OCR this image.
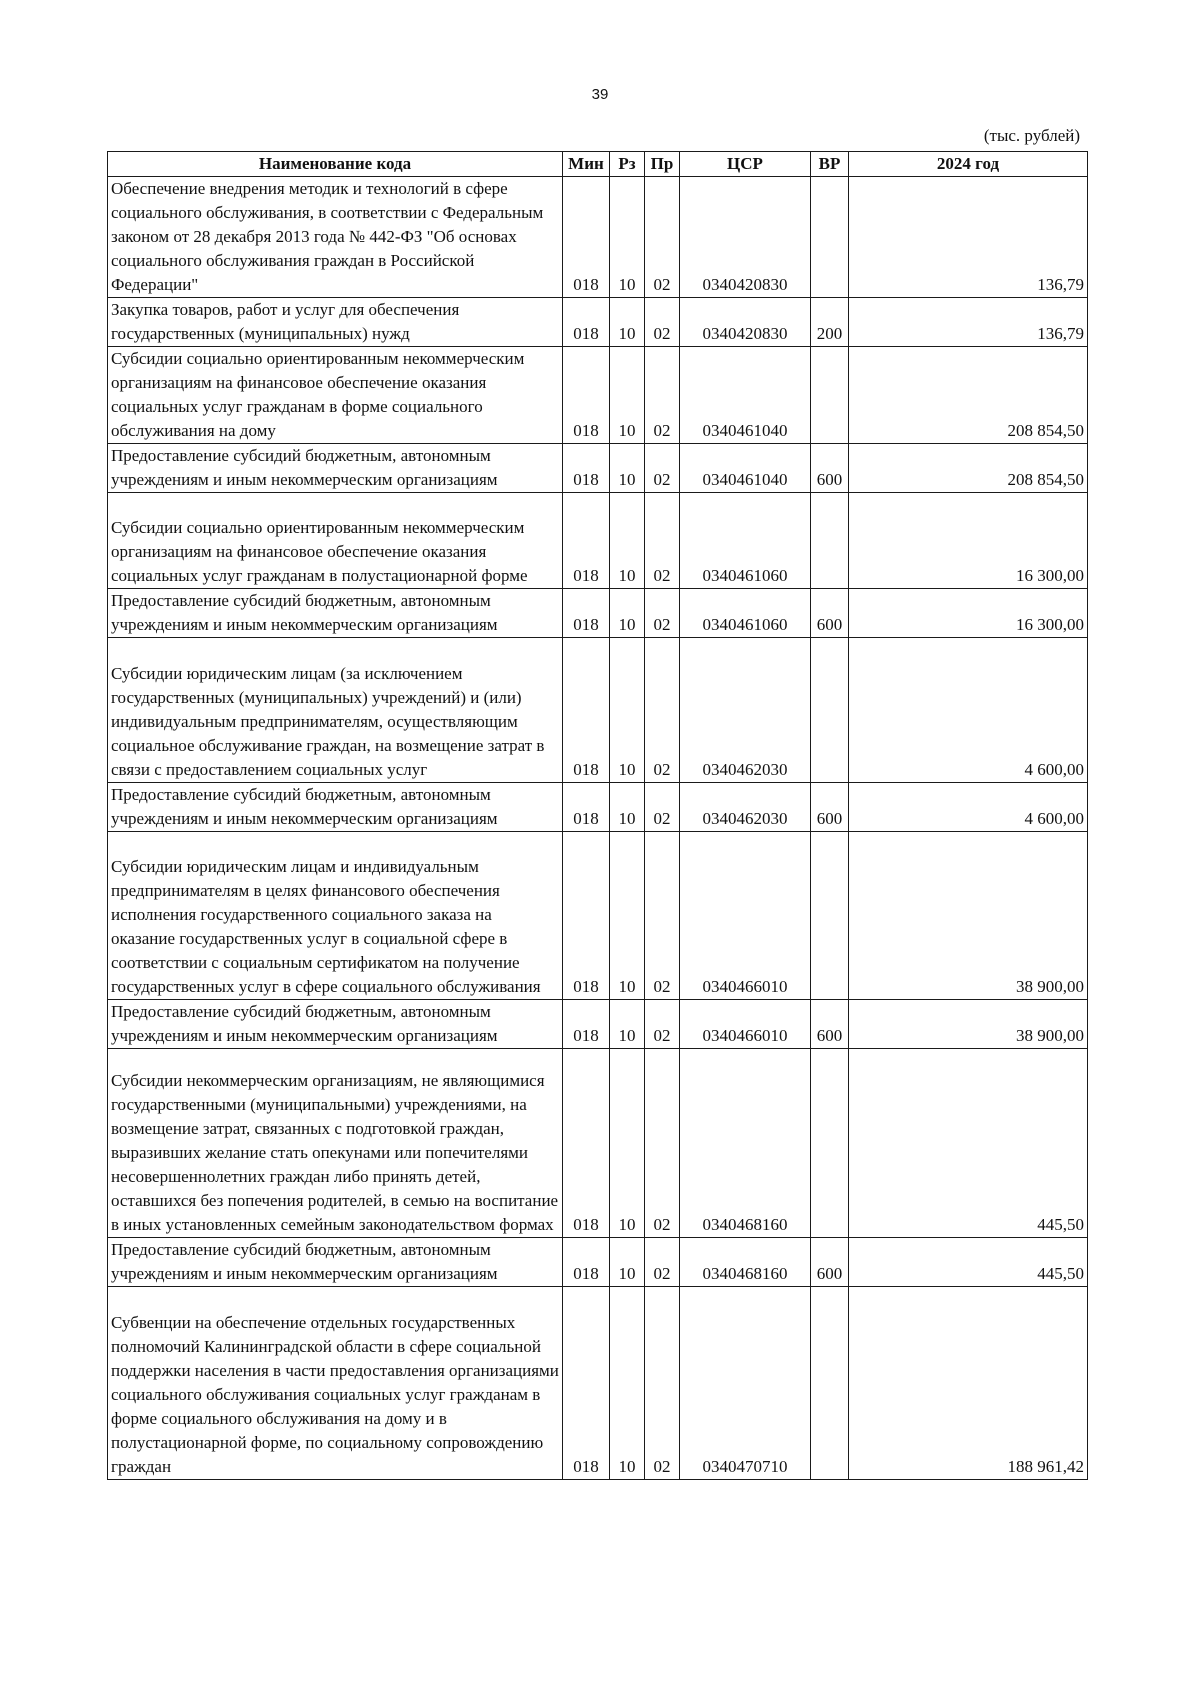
39
(тыс. рублей)
Наименование кода	Мин	Рз	Пр	ЦСР	ВР	2024 год
Обеспечение внедрения методик и технологий в сфере социального обслуживания, в соответствии с Федеральным законом от 28 декабря 2013 года № 442-ФЗ "Об основах социального обслуживания граждан в Российской Федерации"	018	10	02	0340420830		136,79
Закупка товаров, работ и услуг для обеспечения государственных (муниципальных) нужд	018	10	02	0340420830	200	136,79
Субсидии социально ориентированным некоммерческим организациям на финансовое обеспечение оказания социальных услуг гражданам в форме социального обслуживания на дому	018	10	02	0340461040		208 854,50
Предоставление субсидий бюджетным, автономным учреждениям и иным некоммерческим организациям	018	10	02	0340461040	600	208 854,50
Субсидии социально ориентированным некоммерческим организациям на финансовое обеспечение оказания социальных услуг гражданам в полустационарной форме	018	10	02	0340461060		16 300,00
Предоставление субсидий бюджетным, автономным учреждениям и иным некоммерческим организациям	018	10	02	0340461060	600	16 300,00
Субсидии юридическим лицам (за исключением государственных (муниципальных) учреждений) и (или) индивидуальным предпринимателям, осуществляющим социальное обслуживание граждан, на возмещение затрат в связи с предоставлением социальных услуг	018	10	02	0340462030		4 600,00
Предоставление субсидий бюджетным, автономным учреждениям и иным некоммерческим организациям	018	10	02	0340462030	600	4 600,00
Субсидии юридическим лицам и индивидуальным предпринимателям в целях финансового обеспечения исполнения государственного социального заказа на оказание государственных услуг в социальной сфере в соответствии с социальным сертификатом на получение государственных услуг в сфере социального обслуживания	018	10	02	0340466010		38 900,00
Предоставление субсидий бюджетным, автономным учреждениям и иным некоммерческим организациям	018	10	02	0340466010	600	38 900,00
Субсидии некоммерческим организациям, не являющимися государственными (муниципальными) учреждениями, на возмещение затрат, связанных с подготовкой граждан, выразивших желание стать опекунами или попечителями несовершеннолетних граждан либо принять детей, оставшихся без попечения родителей, в семью на воспитание в иных установленных семейным законодательством формах	018	10	02	0340468160		445,50
Предоставление субсидий бюджетным, автономным учреждениям и иным некоммерческим организациям	018	10	02	0340468160	600	445,50
Субвенции на обеспечение отдельных государственных полномочий Калининградской области в сфере социальной поддержки населения в части предоставления организациями социального обслуживания социальных услуг гражданам в форме социального обслуживания на дому и в полустационарной форме, по социальному сопровождению граждан	018	10	02	0340470710		188 961,42
